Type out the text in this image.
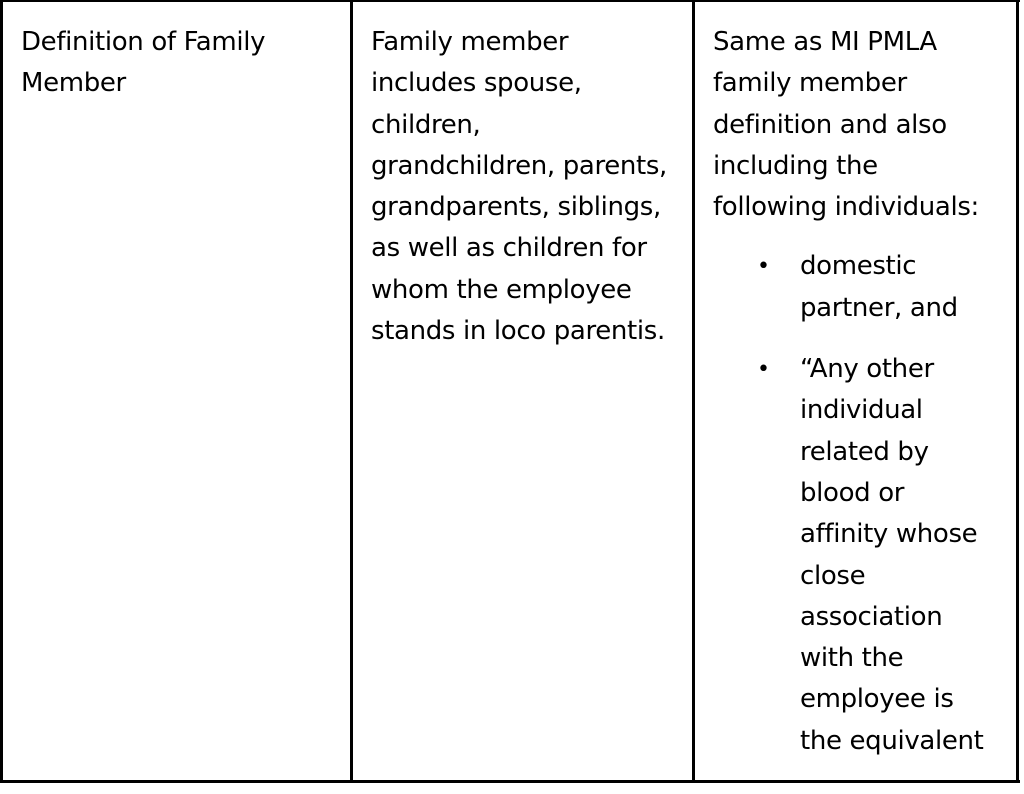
Definition of Family
Member
Family member
includes spouse,
children,
grandchildren, parents,
grandparents, siblings,
as well as children for
whom the employee
stands in loco parentis.
Same as MI PMLA
family member
definition and also
including the
following individuals:
• domestic
partner, and
• “Any other
individual
related by
blood or
affinity whose
close
association
with the
employee is
the equivalent
